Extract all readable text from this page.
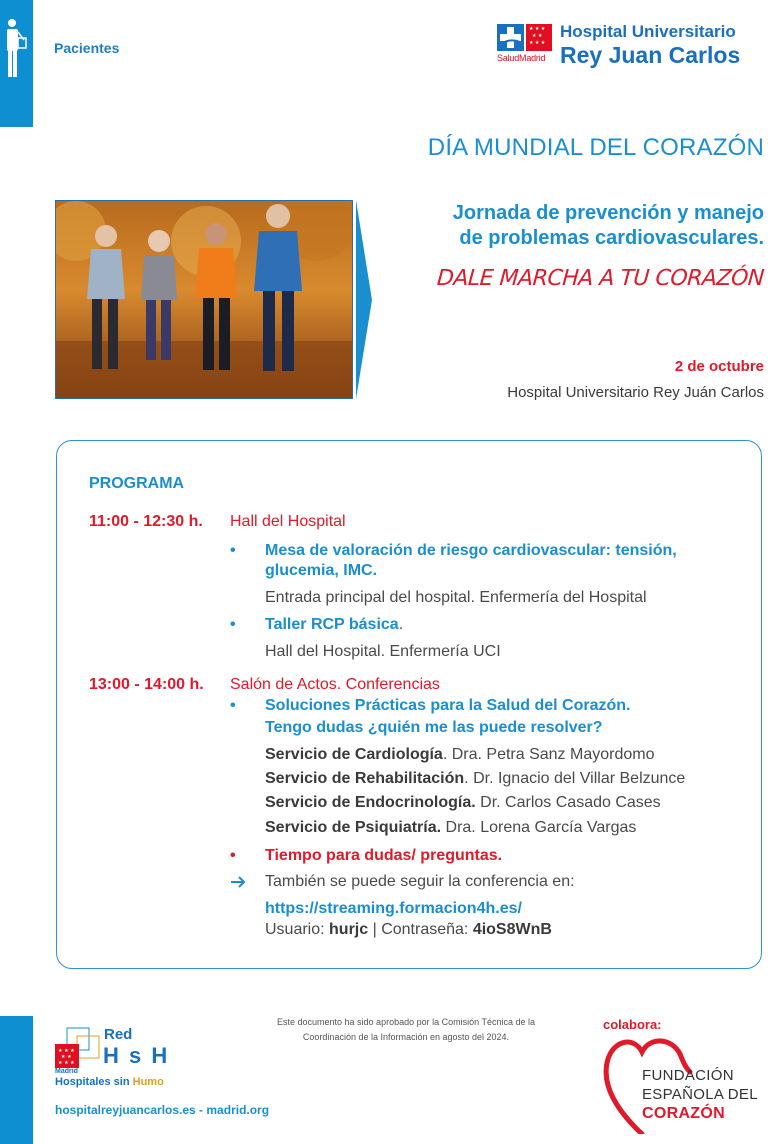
Pacientes
★ ★ ★
★ ★
★ ★ ★
SaludMadrid
Hospital Universitario
Rey Juan Carlos
DÍA MUNDIAL DEL CORAZÓN
Jornada de prevención y manejo
de problemas cardiovasculares.
DALE MARCHA A TU CORAZÓN
2 de octubre
Hospital Universitario Rey Juán Carlos
PROGRAMA
11:00 - 12:30 h. Hall del Hospital
• Mesa de valoración de riesgo cardiovascular: tensión,
glucemia, IMC.
Entrada principal del hospital. Enfermería del Hospital
• Taller RCP básica.
Hall del Hospital. Enfermería UCI
13:00 - 14:00 h. Salón de Actos. Conferencias
• Soluciones Prácticas para la Salud del Corazón.
Tengo dudas ¿quién me las puede resolver?
Servicio de Cardiología. Dra. Petra Sanz Mayordomo
Servicio de Rehabilitación. Dr. Ignacio del Villar Belzunce
Servicio de Endocrinología. Dr. Carlos Casado Cases
Servicio de Psiquiatría. Dra. Lorena García Vargas
• Tiempo para dudas/ preguntas.
También se puede seguir la conferencia en:
https://streaming.formacion4h.es/
Usuario: hurjc | Contraseña: 4ioS8WnB
★ ★ ★
★ ★
★ ★ ★
Red
H s H
Madrid
Hospitales sin Humo
hospitalreyjuancarlos.es - madrid.org
Este documento ha sido aprobado por la Comisión Técnica de la
Coordinación de la Información en agosto del 2024.
colabora:
FUNDACIÓN
ESPAÑOLA DEL
CORAZÓN
